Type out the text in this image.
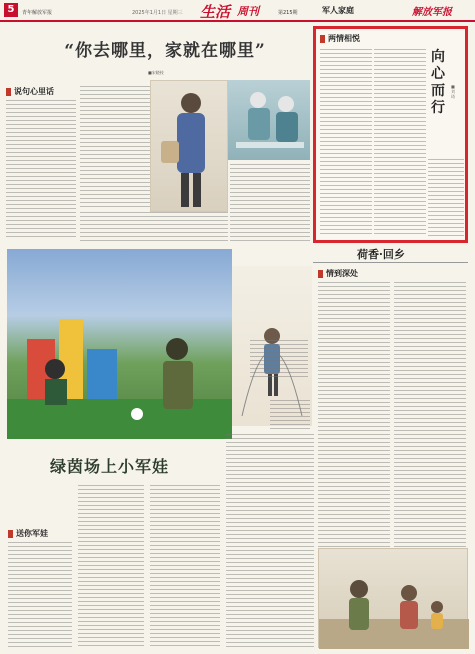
5	青年解放军报	2025年1月1日 星期三 生活 周刊	第215期	军人家庭	解放军报
“你去哪里，家就在哪里”
■宋晓枝
说句心里话
两情相悦
向心而行
■刘琦
荷香·回乡
绿茵场上小军娃
情到深处
送你军娃
